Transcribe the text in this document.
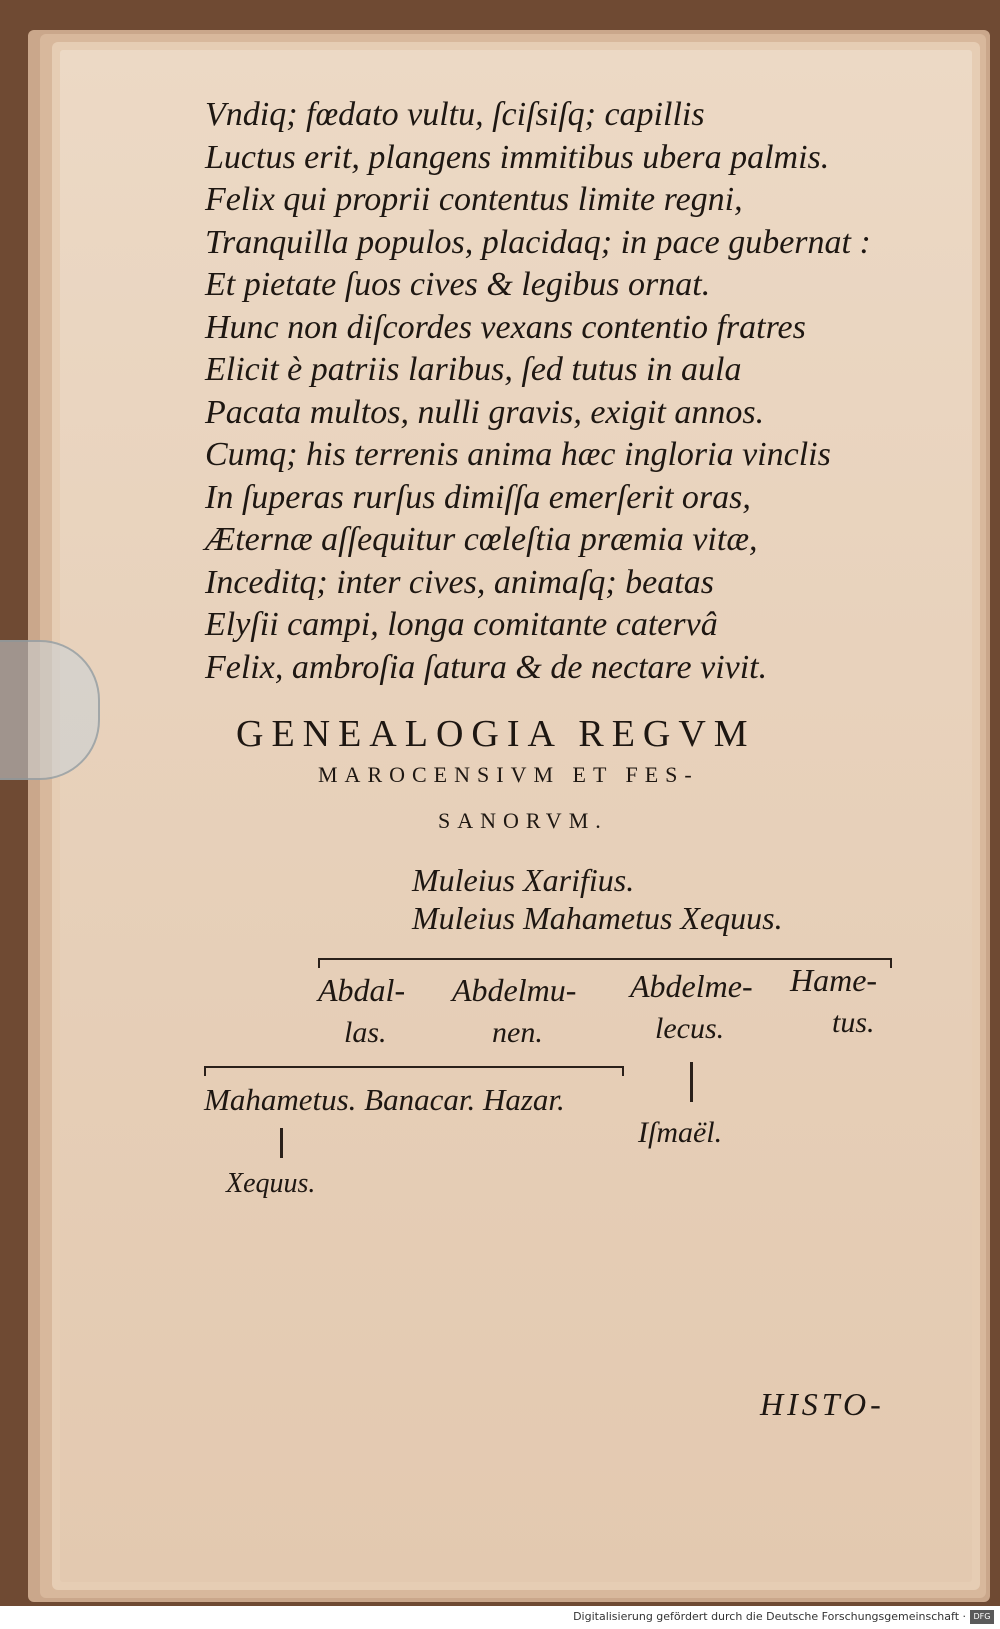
Vndiq; fœdato vultu, ſciſsiſq; capillis
Luctus erit, plangens immitibus ubera palmis.
Felix qui proprii contentus limite regni,
Tranquilla populos, placidaq; in pace gubernat :
Et pietate ſuos cives & legibus ornat.
Hunc non diſcordes vexans contentio fratres
Elicit è patriis laribus, ſed tutus in aula
Pacata multos, nulli gravis, exigit annos.
Cumq; his terrenis anima hæc ingloria vinclis
In ſuperas rurſus dimiſſa emerſerit oras,
Æternæ aſſequitur cœleſtia præmia vitæ,
Inceditq; inter cives, animaſq; beatas
Elyſii campi, longa comitante catervâ
Felix, ambroſia ſatura & de nectare vivit.
GENEALOGIA REGVM
MAROCENSIVM ET FES-
SANORVM.
Muleius Xarifius.
Muleius Mahametus Xequus.
Abdal-
las.
Abdelmu-
nen.
Abdelme-
lecus.
Hame-
tus.
Mahametus. Banacar. Hazar.
Xequus.
Iſmaël.
HISTO-
Digitalisierung gefördert durch die Deutsche Forschungsgemeinschaft · DFG
